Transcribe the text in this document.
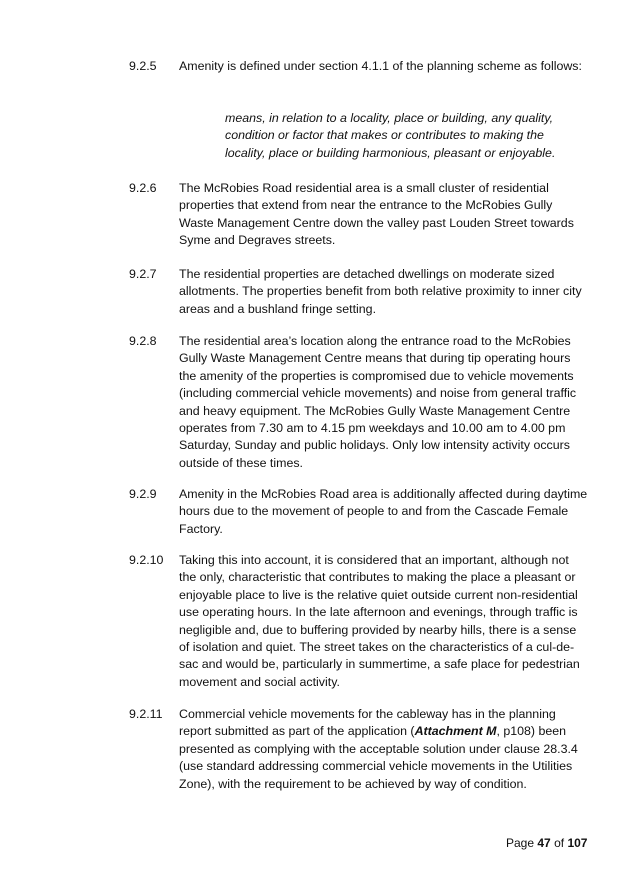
9.2.5	Amenity is defined under section 4.1.1 of the planning scheme as follows:

means, in relation to a locality, place or building, any quality, condition or factor that makes or contributes to making the locality, place or building harmonious, pleasant or enjoyable.
9.2.6	The McRobies Road residential area is a small cluster of residential properties that extend from near the entrance to the McRobies Gully Waste Management Centre down the valley past Louden Street towards Syme and Degraves streets.

9.2.7	The residential properties are detached dwellings on moderate sized allotments. The properties benefit from both relative proximity to inner city areas and a bushland fringe setting.

9.2.8	The residential area’s location along the entrance road to the McRobies Gully Waste Management Centre means that during tip operating hours the amenity of the properties is compromised due to vehicle movements (including commercial vehicle movements) and noise from general traffic and heavy equipment. The McRobies Gully Waste Management Centre operates from 7.30 am to 4.15 pm weekdays and 10.00 am to 4.00 pm Saturday, Sunday and public holidays. Only low intensity activity occurs outside of these times.

9.2.9	Amenity in the McRobies Road area is additionally affected during daytime hours due to the movement of people to and from the Cascade Female Factory.

9.2.10	Taking this into account, it is considered that an important, although not the only, characteristic that contributes to making the place a pleasant or enjoyable place to live is the relative quiet outside current non-residential use operating hours. In the late afternoon and evenings, through traffic is negligible and, due to buffering provided by nearby hills, there is a sense of isolation and quiet. The street takes on the characteristics of a cul-de-sac and would be, particularly in summertime, a safe place for pedestrian movement and social activity.

9.2.11	Commercial vehicle movements for the cableway has in the planning report submitted as part of the application (Attachment M, p108) been presented as complying with the acceptable solution under clause 28.3.4 (use standard addressing commercial vehicle movements in the Utilities Zone), with the requirement to be achieved by way of condition.

Page 47 of 107
